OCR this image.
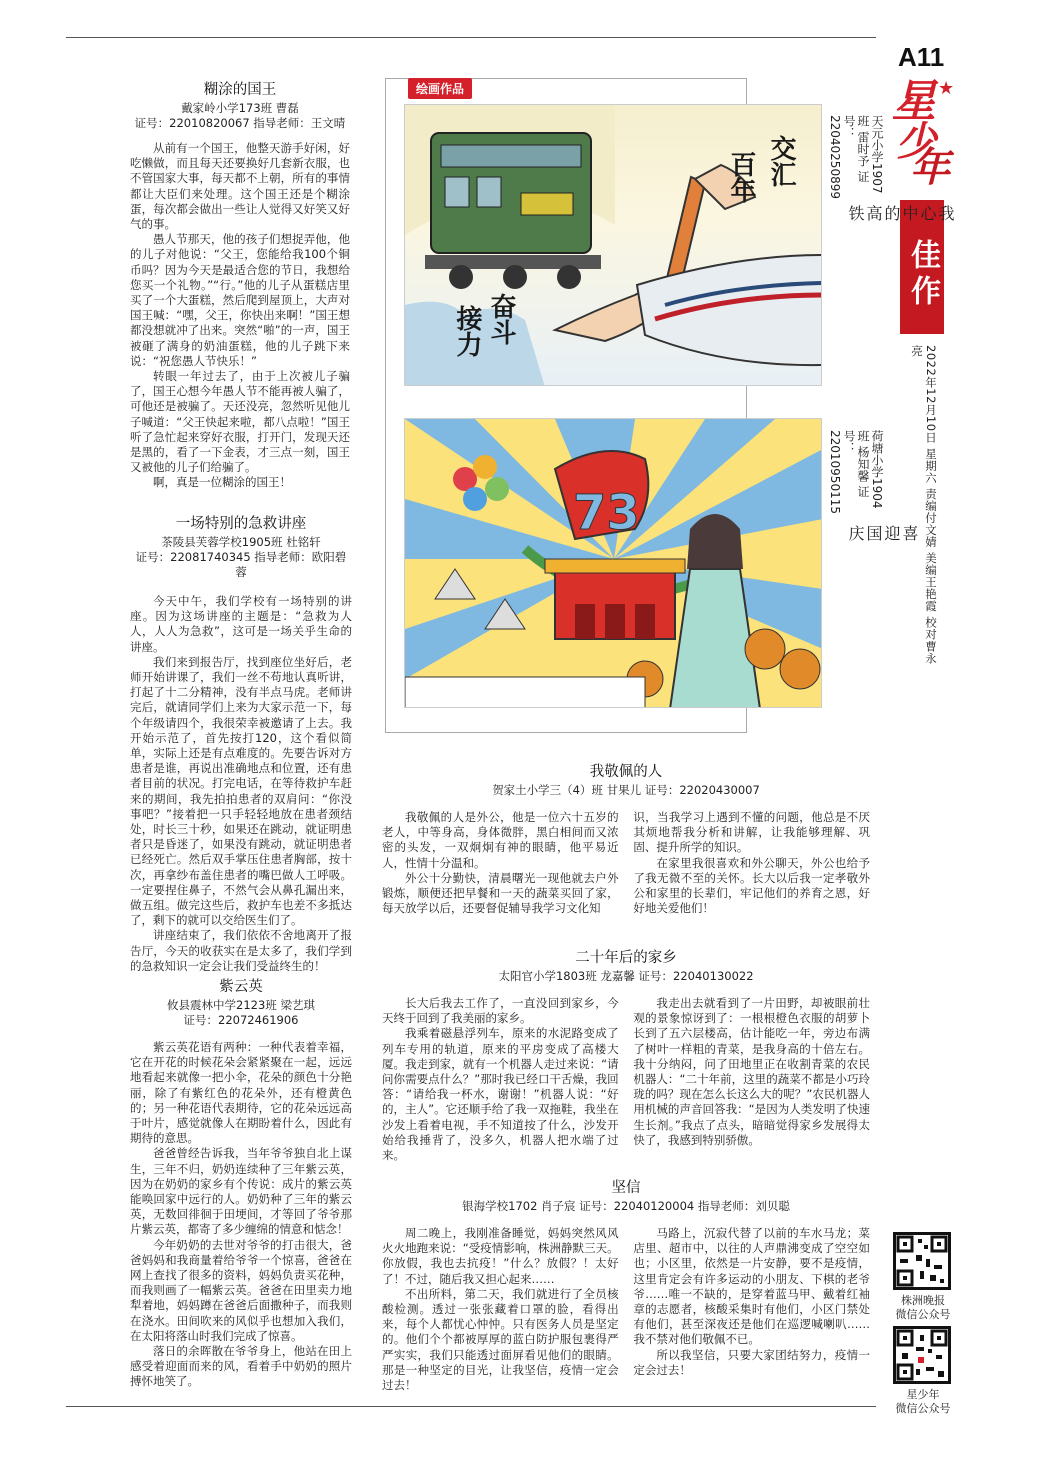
A11
星
少
年
★
佳作
2022年12月10日 星期六 责编付文婧 美编王艳霞 校对曹永亮
株洲晚报
微信公众号
星少年
微信公众号
绘画作品
百年 交汇
接力 奋斗
73
我心中的高铁
天元小学1907班 雷时予 证号：22040250899
喜迎国庆
荷塘小学1904班 杨知馨 证号：22010950115
糊涂的国王
戴家岭小学173班 曹磊
证号：22010820067 指导老师：王文晴

从前有一个国王，他整天游手好闲，好吃懒做，而且每天还要换好几套新衣服，也不管国家大事，每天都不上朝，所有的事情都让大臣们来处理。这个国王还是个糊涂蛋，每次都会做出一些让人觉得又好笑又好气的事。

愚人节那天，他的孩子们想捉弄他，他的儿子对他说：“父王，您能给我100个铜币吗？因为今天是最适合您的节日，我想给您买一个礼物。”“行。”他的儿子从蛋糕店里买了一个大蛋糕，然后爬到屋顶上，大声对国王喊：“嘿，父王，你快出来啊！”国王想都没想就冲了出来。突然“啪”的一声，国王被砸了满身的奶油蛋糕，他的儿子跳下来说：“祝您愚人节快乐！”

转眼一年过去了，由于上次被儿子骗了，国王心想今年愚人节不能再被人骗了，可他还是被骗了。天还没亮，忽然听见他儿子喊道：“父王快起来啦，都八点啦！”国王听了急忙起来穿好衣服，打开门，发现天还是黑的，看了一下金表，才三点一刻，国王又被他的儿子们给骗了。

啊，真是一位糊涂的国王！

一场特别的急救讲座
茶陵县芙蓉学校1905班 杜铭轩
证号：22081740345 指导老师：欧阳碧蓉

今天中午，我们学校有一场特别的讲座。因为这场讲座的主题是：“急救为人人，人人为急救”，这可是一场关乎生命的讲座。

我们来到报告厅，找到座位坐好后，老师开始讲课了，我们一丝不苟地认真听讲，打起了十二分精神，没有半点马虎。老师讲完后，就请同学们上来为大家示范一下，每个年级请四个，我很荣幸被邀请了上去。我开始示范了，首先按打120，这个看似简单，实际上还是有点难度的。先要告诉对方患者是谁，再说出准确地点和位置，还有患者目前的状况。打完电话，在等待救护车赶来的期间，我先拍拍患者的双肩问：“你没事吧？”接着把一只手轻轻地放在患者颈结处，时长三十秒，如果还在跳动，就证明患者只是昏迷了，如果没有跳动，就证明患者已经死亡。然后双手掌压住患者胸部，按十次，再拿纱布盖住患者的嘴巴做人工呼吸。一定要捏住鼻子，不然气会从鼻孔漏出来，做五组。做完这些后，救护车也差不多抵达了，剩下的就可以交给医生们了。

讲座结束了，我们依依不舍地离开了报告厅，今天的收获实在是太多了，我们学到的急救知识一定会让我们受益终生的！

紫云英
攸县震林中学2123班 梁艺琪
证号：22072461906

紫云英花语有两种：一种代表着幸福，它在开花的时候花朵会紧紧聚在一起，远远地看起来就像一把小伞，花朵的颜色十分艳丽，除了有紫红色的花朵外，还有橙黄色的；另一种花语代表期待，它的花朵远远高于叶片，感觉就像人在期盼着什么，因此有期待的意思。

爸爸曾经告诉我，当年爷爷独自北上谋生，三年不归，奶奶连续种了三年紫云英，因为在奶奶的家乡有个传说：成片的紫云英能唤回家中远行的人。奶奶种了三年的紫云英，无数回徘徊于田埂间，才等回了爷爷那片紫云英，都寄了多少缠绵的情意和惦念！

今年奶奶的去世对爷爷的打击很大，爸爸妈妈和我商量着给爷爷一个惊喜，爸爸在网上查找了很多的资料，妈妈负责买花种，而我则画了一幅紫云英。爸爸在田里卖力地犁着地，妈妈蹲在爸爸后面撒种子，而我则在浇水。田间吹来的风似乎也想加入我们，在太阳将落山时我们完成了惊喜。

落日的余晖散在爷爷身上，他站在田上感受着迎面而来的风，看着手中奶奶的照片搏怀地笑了。

我敬佩的人
贺家土小学三（4）班 甘果儿 证号：22020430007

我敬佩的人是外公，他是一位六十五岁的老人，中等身高，身体微胖，黑白相间而又浓密的头发，一双炯炯有神的眼睛，他平易近人，性情十分温和。

外公十分勤快，清晨曙光一现他就去户外锻炼，顺便还把早餐和一天的蔬菜买回了家，每天放学以后，还要督促辅导我学习文化知

识，当我学习上遇到不懂的问题，他总是不厌其烦地帮我分析和讲解，让我能够理解、巩固、提升所学的知识。

在家里我很喜欢和外公聊天，外公也给予了我无微不至的关怀。长大以后我一定孝敬外公和家里的长辈们，牢记他们的养育之恩，好好地关爱他们！

二十年后的家乡
太阳官小学1803班 龙嘉馨 证号：22040130022

长大后我去工作了，一直没回到家乡，今天终于回到了我美丽的家乡。

我乘着磁悬浮列车，原来的水泥路变成了列车专用的轨道，原来的平房变成了高楼大厦。我走到家，就有一个机器人走过来说：“请问你需要点什么？”那时我已经口干舌燥，我回答：“请给我一杯水，谢谢！”机器人说：“好的，主人”。它还顺手给了我一双拖鞋，我坐在沙发上看着电视，手不知道按了什么，沙发开始给我捶背了，没多久，机器人把水端了过来。

我走出去就看到了一片田野，却被眼前壮观的景象惊讶到了：一根根橙色衣服的胡萝卜长到了五六层楼高，估计能吃一年，旁边布满了树叶一样粗的青菜，是我身高的十倍左右。我十分纳闷，问了田地里正在收割青菜的农民机器人：“二十年前，这里的蔬菜不都是小巧玲珑的吗？现在怎么长这么大的呢？”农民机器人用机械的声音回答我：“是因为人类发明了快速生长剂。”我点了点头，暗暗觉得家乡发展得太快了，我感到特别骄傲。

坚信
银海学校1702 肖子宸 证号：22040120004 指导老师：刘贝聪

周二晚上，我刚准备睡觉，妈妈突然风风火火地跑来说：“受疫情影响，株洲静默三天。你放假，我也去抗疫！”什么？放假？！太好了！不过，随后我又担心起来……

不出所料，第二天，我们就进行了全员核酸检测。透过一张张藏着口罩的脸，看得出来，每个人都忧心忡忡。只有医务人员是坚定的。他们个个都被厚厚的蓝白防护服包裹得严严实实，我们只能透过面屏看见他们的眼睛。那是一种坚定的目光，让我坚信，疫情一定会过去！

马路上，沉寂代替了以前的车水马龙；菜店里、超市中，以往的人声鼎沸变成了空空如也；小区里，依然是一片安静，要不是疫情，这里肯定会有许多运动的小朋友、下棋的老爷爷……唯一不缺的，是穿着蓝马甲、戴着红袖章的志愿者，核酸采集时有他们，小区门禁处有他们，甚至深夜还是他们在巡逻喊喇叭……我不禁对他们敬佩不已。

所以我坚信，只要大家团结努力，疫情一定会过去！
